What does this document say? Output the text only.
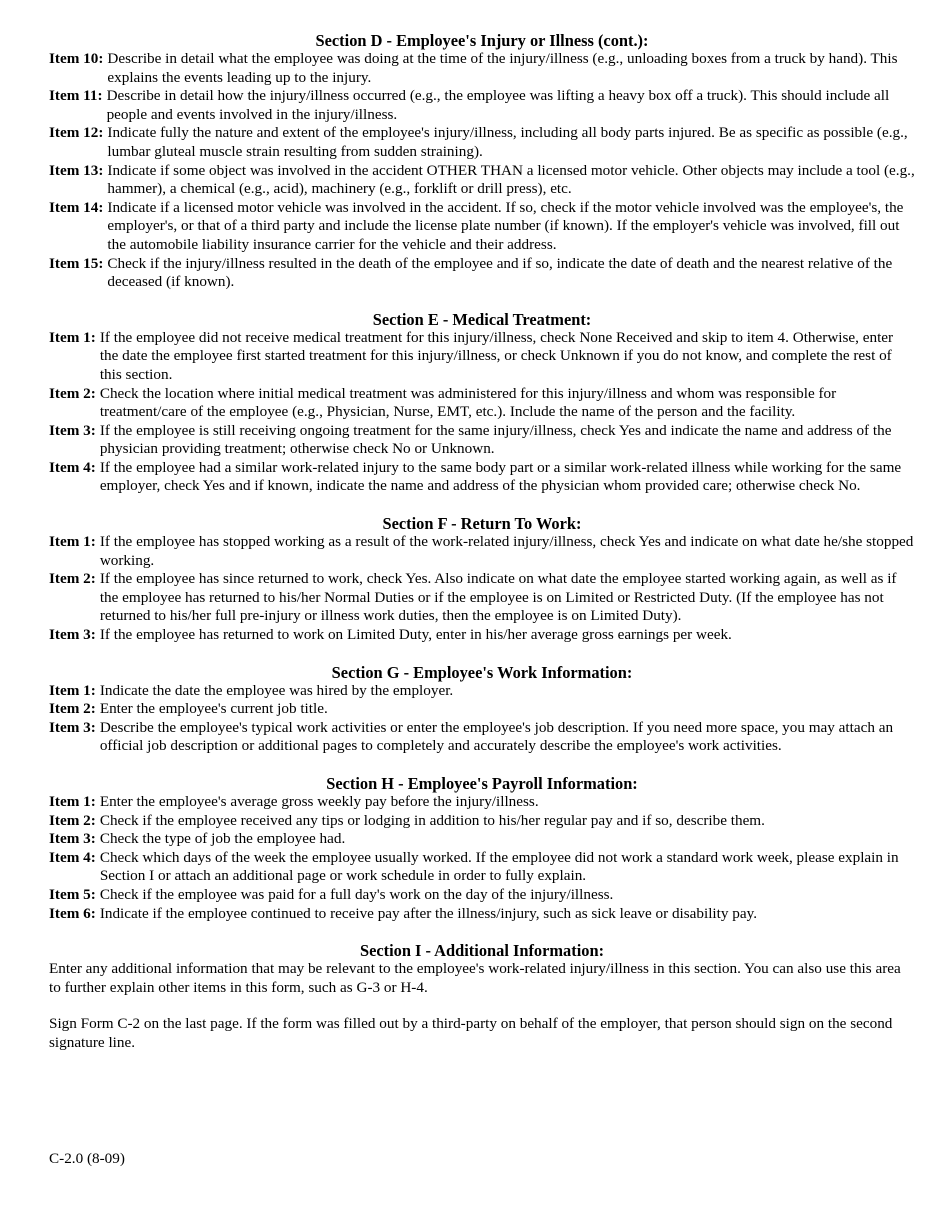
Section D - Employee's Injury or Illness (cont.):
Item 10: Describe in detail what the employee was doing at the time of the injury/illness (e.g., unloading boxes from a truck by hand). This explains the events leading up to the injury.
Item 11: Describe in detail how the injury/illness occurred (e.g., the employee was lifting a heavy box off a truck). This should include all people and events involved in the injury/illness.
Item 12: Indicate fully the nature and extent of the employee's injury/illness, including all body parts injured. Be as specific as possible (e.g., lumbar gluteal muscle strain resulting from sudden straining).
Item 13: Indicate if some object was involved in the accident OTHER THAN a licensed motor vehicle. Other objects may include a tool (e.g., hammer), a chemical (e.g., acid), machinery (e.g., forklift or drill press), etc.
Item 14: Indicate if a licensed motor vehicle was involved in the accident. If so, check if the motor vehicle involved was the employee's, the employer's, or that of a third party and include the license plate number (if known). If the employer's vehicle was involved, fill out the automobile liability insurance carrier for the vehicle and their address.
Item 15: Check if the injury/illness resulted in the death of the employee and if so, indicate the date of death and the nearest relative of the deceased (if known).
Section E - Medical Treatment:
Item 1: If the employee did not receive medical treatment for this injury/illness, check None Received and skip to item 4. Otherwise, enter the date the employee first started treatment for this injury/illness, or check Unknown if you do not know, and complete the rest of this section.
Item 2: Check the location where initial medical treatment was administered for this injury/illness and whom was responsible for treatment/care of the employee (e.g., Physician, Nurse, EMT, etc.). Include the name of the person and the facility.
Item 3: If the employee is still receiving ongoing treatment for the same injury/illness, check Yes and indicate the name and address of the physician providing treatment; otherwise check No or Unknown.
Item 4: If the employee had a similar work-related injury to the same body part or a similar work-related illness while working for the same employer, check Yes and if known, indicate the name and address of the physician whom provided care; otherwise check No.
Section F - Return To Work:
Item 1: If the employee has stopped working as a result of the work-related injury/illness, check Yes and indicate on what date he/she stopped working.
Item 2: If the employee has since returned to work, check Yes. Also indicate on what date the employee started working again, as well as if the employee has returned to his/her Normal Duties or if the employee is on Limited or Restricted Duty. (If the employee has not returned to his/her full pre-injury or illness work duties, then the employee is on Limited Duty).
Item 3: If the employee has returned to work on Limited Duty, enter in his/her average gross earnings per week.
Section G - Employee's Work Information:
Item 1: Indicate the date the employee was hired by the employer.
Item 2: Enter the employee's current job title.
Item 3: Describe the employee's typical work activities or enter the employee's job description. If you need more space, you may attach an official job description or additional pages to completely and accurately describe the employee's work activities.
Section H - Employee's Payroll Information:
Item 1: Enter the employee's average gross weekly pay before the injury/illness.
Item 2: Check if the employee received any tips or lodging in addition to his/her regular pay and if so, describe them.
Item 3: Check the type of job the employee had.
Item 4: Check which days of the week the employee usually worked. If the employee did not work a standard work week, please explain in Section I or attach an additional page or work schedule in order to fully explain.
Item 5: Check if the employee was paid for a full day's work on the day of the injury/illness.
Item 6: Indicate if the employee continued to receive pay after the illness/injury, such as sick leave or disability pay.
Section I - Additional Information:

Enter any additional information that may be relevant to the employee's work-related injury/illness in this section. You can also use this area to further explain other items in this form, such as G-3 or H-4.

Sign Form C-2 on the last page. If the form was filled out by a third-party on behalf of the employer, that person should sign on the second signature line.

C-2.0 (8-09)
